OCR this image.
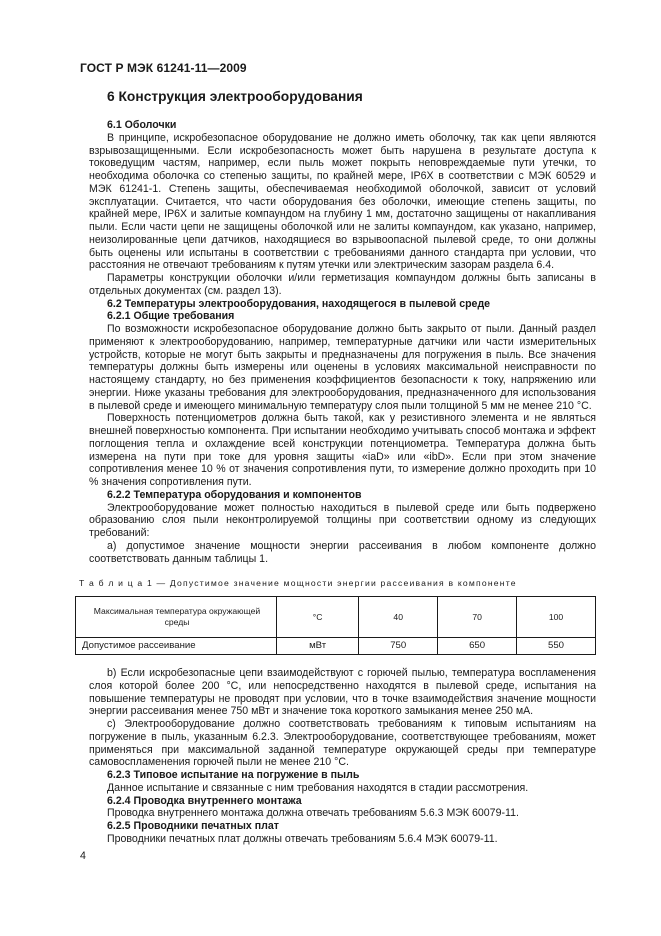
ГОСТ Р МЭК 61241-11—2009
6 Конструкция электрооборудования
6.1 Оболочки

В принципе, искробезопасное оборудование не должно иметь оболочку, так как цепи являются взрывозащищенными. Если искробезопасность может быть нарушена в результате доступа к токоведущим частям, например, если пыль может покрыть неповреждаемые пути утечки, то необходима оболочка со степенью защиты, по крайней мере, IP6X в соответствии с МЭК 60529 и МЭК 61241-1. Степень защиты, обеспечиваемая необходимой оболочкой, зависит от условий эксплуатации. Считается, что части оборудования без оболочки, имеющие степень защиты, по крайней мере, IP6X и залитые компаундом на глубину 1 мм, достаточно защищены от накапливания пыли. Если части цепи не защищены оболочкой или не залиты компаундом, как указано, например, неизолированные цепи датчиков, находящиеся во взрывоопасной пылевой среде, то они должны быть оценены или испытаны в соответствии с требованиями данного стандарта при условии, что расстояния не отвечают требованиям к путям утечки или электрическим зазорам раздела 6.4.

Параметры конструкции оболочки и/или герметизация компаундом должны быть записаны в отдельных документах (см. раздел 13).

6.2 Температуры электрооборудования, находящегося в пылевой среде
6.2.1 Общие требования

По возможности искробезопасное оборудование должно быть закрыто от пыли. Данный раздел применяют к электрооборудованию, например, температурные датчики или части измерительных устройств, которые не могут быть закрыты и предназначены для погружения в пыль. Все значения температуры должны быть измерены или оценены в условиях максимальной неисправности по настоящему стандарту, но без применения коэффициентов безопасности к току, напряжению или энергии. Ниже указаны требования для электрооборудования, предназначенного для использования в пылевой среде и имеющего минимальную температуру слоя пыли толщиной 5 мм не менее 210 °С.

Поверхность потенциометров должна быть такой, как у резистивного элемента и не являться внешней поверхностью компонента. При испытании необходимо учитывать способ монтажа и эффект поглощения тепла и охлаждение всей конструкции потенциометра. Температура должна быть измерена на пути при токе для уровня защиты «iaD» или «ibD». Если при этом значение сопротивления менее 10 % от значения сопротивления пути, то измерение должно проходить при 10 % значения сопротивления пути.

6.2.2 Температура оборудования и компонентов

Электрооборудование может полностью находиться в пылевой среде или быть подвержено образованию слоя пыли неконтролируемой толщины при соответствии одному из следующих требований:

а) допустимое значение мощности энергии рассеивания в любом компоненте должно соответствовать данным таблицы 1.

Т а б л и ц а 1 — Допустимое значение мощности энергии рассеивания в компоненте
Максимальная температура окружающей среды	°С	40	70	100
Допустимое рассеивание	мВт	750	650	550

b) Если искробезопасные цепи взаимодействуют с горючей пылью, температура воспламенения слоя которой более 200 °С, или непосредственно находятся в пылевой среде, испытания на повышение температуры не проводят при условии, что в точке взаимодействия значение мощности энергии рассеивания менее 750 мВт и значение тока короткого замыкания менее 250 мА.

с) Электрооборудование должно соответствовать требованиям к типовым испытаниям на погружение в пыль, указанным 6.2.3. Электрооборудование, соответствующее требованиям, может применяться при максимальной заданной температуре окружающей среды при температуре самовоспламенения горючей пыли не менее 210 °С.

6.2.3 Типовое испытание на погружение в пыль

Данное испытание и связанные с ним требования находятся в стадии рассмотрения.

6.2.4 Проводка внутреннего монтажа

Проводка внутреннего монтажа должна отвечать требованиям 5.6.3 МЭК 60079-11.

6.2.5 Проводники печатных плат

Проводники печатных плат должны отвечать требованиям 5.6.4 МЭК 60079-11.

4
